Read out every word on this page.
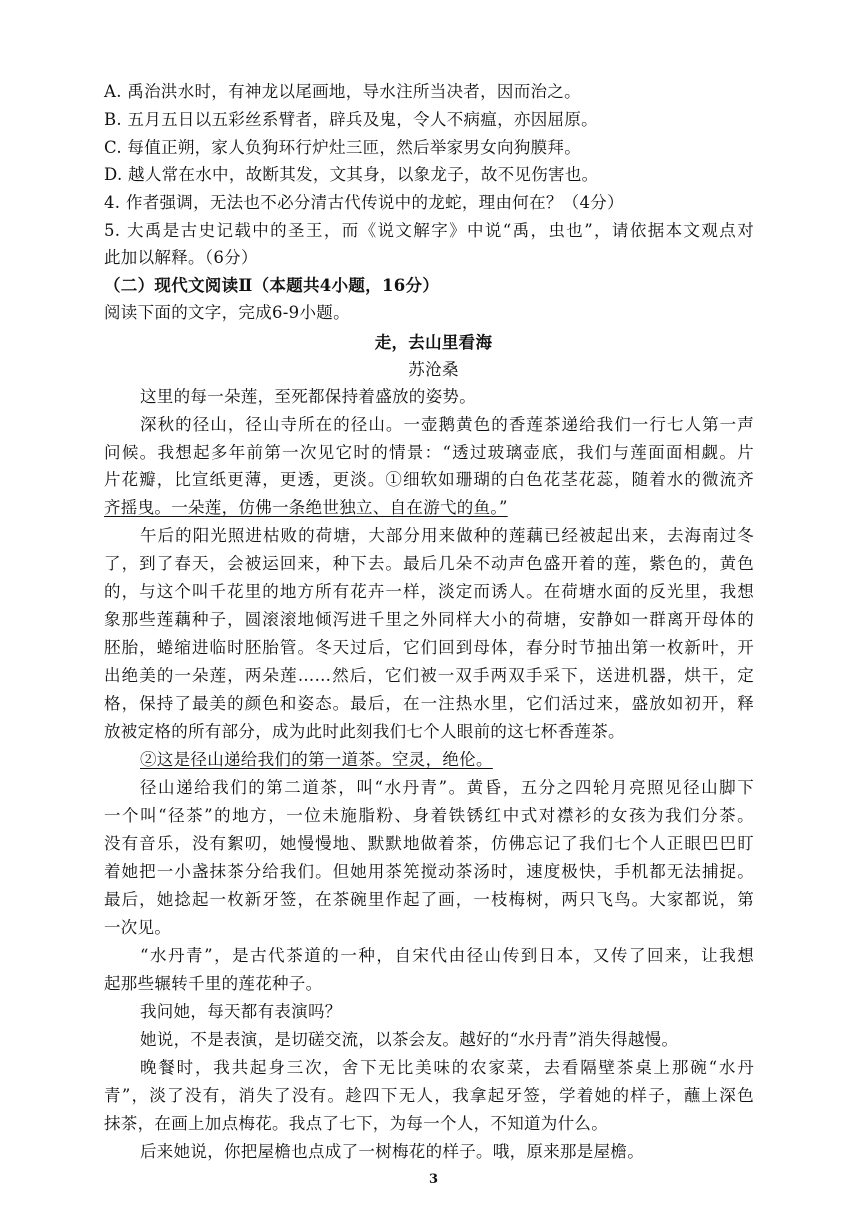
A. 禹治洪水时，有神龙以尾画地，导水注所当决者，因而治之。
B. 五月五日以五彩丝系臂者，辟兵及鬼，令人不病瘟，亦因屈原。
C. 每值正朔，家人负狗环行炉灶三匝，然后举家男女向狗膜拜。
D. 越人常在水中，故断其发，文其身，以象龙子，故不见伤害也。
4. 作者强调，无法也不必分清古代传说中的龙蛇，理由何在？（4分）
5. 大禹是古史记载中的圣王，而《说文解字》中说“禹，虫也”，请依据本文观点对
此加以解释。（6分）
（二）现代文阅读Ⅱ（本题共4小题，16分）
阅读下面的文字，完成6-9小题。
走，去山里看海
苏沧桑
这里的每一朵莲，至死都保持着盛放的姿势。
深秋的径山，径山寺所在的径山。一壶鹅黄色的香莲茶递给我们一行七人第一声
问候。我想起多年前第一次见它时的情景：“透过玻璃壶底，我们与莲面面相觑。片
片花瓣，比宣纸更薄，更透，更淡。①细软如珊瑚的白色花茎花蕊，随着水的微流齐
齐摇曳。一朵莲，仿佛一条绝世独立、自在游弋的鱼。”
午后的阳光照进枯败的荷塘，大部分用来做种的莲藕已经被起出来，去海南过冬
了，到了春天，会被运回来，种下去。最后几朵不动声色盛开着的莲，紫色的，黄色
的，与这个叫千花里的地方所有花卉一样，淡定而诱人。在荷塘水面的反光里，我想
象那些莲藕种子，圆滚滚地倾泻进千里之外同样大小的荷塘，安静如一群离开母体的
胚胎，蜷缩进临时胚胎管。冬天过后，它们回到母体，春分时节抽出第一枚新叶，开
出绝美的一朵莲，两朵莲……然后，它们被一双手两双手采下，送进机器，烘干，定
格，保持了最美的颜色和姿态。最后，在一注热水里，它们活过来，盛放如初开，释
放被定格的所有部分，成为此时此刻我们七个人眼前的这七杯香莲茶。
②这是径山递给我们的第一道茶。空灵，绝伦。
径山递给我们的第二道茶，叫“水丹青”。黄昏，五分之四轮月亮照见径山脚下
一个叫“径茶”的地方，一位未施脂粉、身着铁锈红中式对襟衫的女孩为我们分茶。
没有音乐，没有絮叨，她慢慢地、默默地做着茶，仿佛忘记了我们七个人正眼巴巴盯
着她把一小盏抹茶分给我们。但她用茶筅搅动茶汤时，速度极快，手机都无法捕捉。
最后，她捻起一枚新牙签，在茶碗里作起了画，一枝梅树，两只飞鸟。大家都说，第
一次见。
“水丹青”，是古代茶道的一种，自宋代由径山传到日本，又传了回来，让我想
起那些辗转千里的莲花种子。
我问她，每天都有表演吗？
她说，不是表演，是切磋交流，以茶会友。越好的“水丹青”消失得越慢。
晚餐时，我共起身三次，舍下无比美味的农家菜，去看隔壁茶桌上那碗“水丹
青”，淡了没有，消失了没有。趁四下无人，我拿起牙签，学着她的样子，蘸上深色
抹茶，在画上加点梅花。我点了七下，为每一个人，不知道为什么。
后来她说，你把屋檐也点成了一树梅花的样子。哦，原来那是屋檐。
3
